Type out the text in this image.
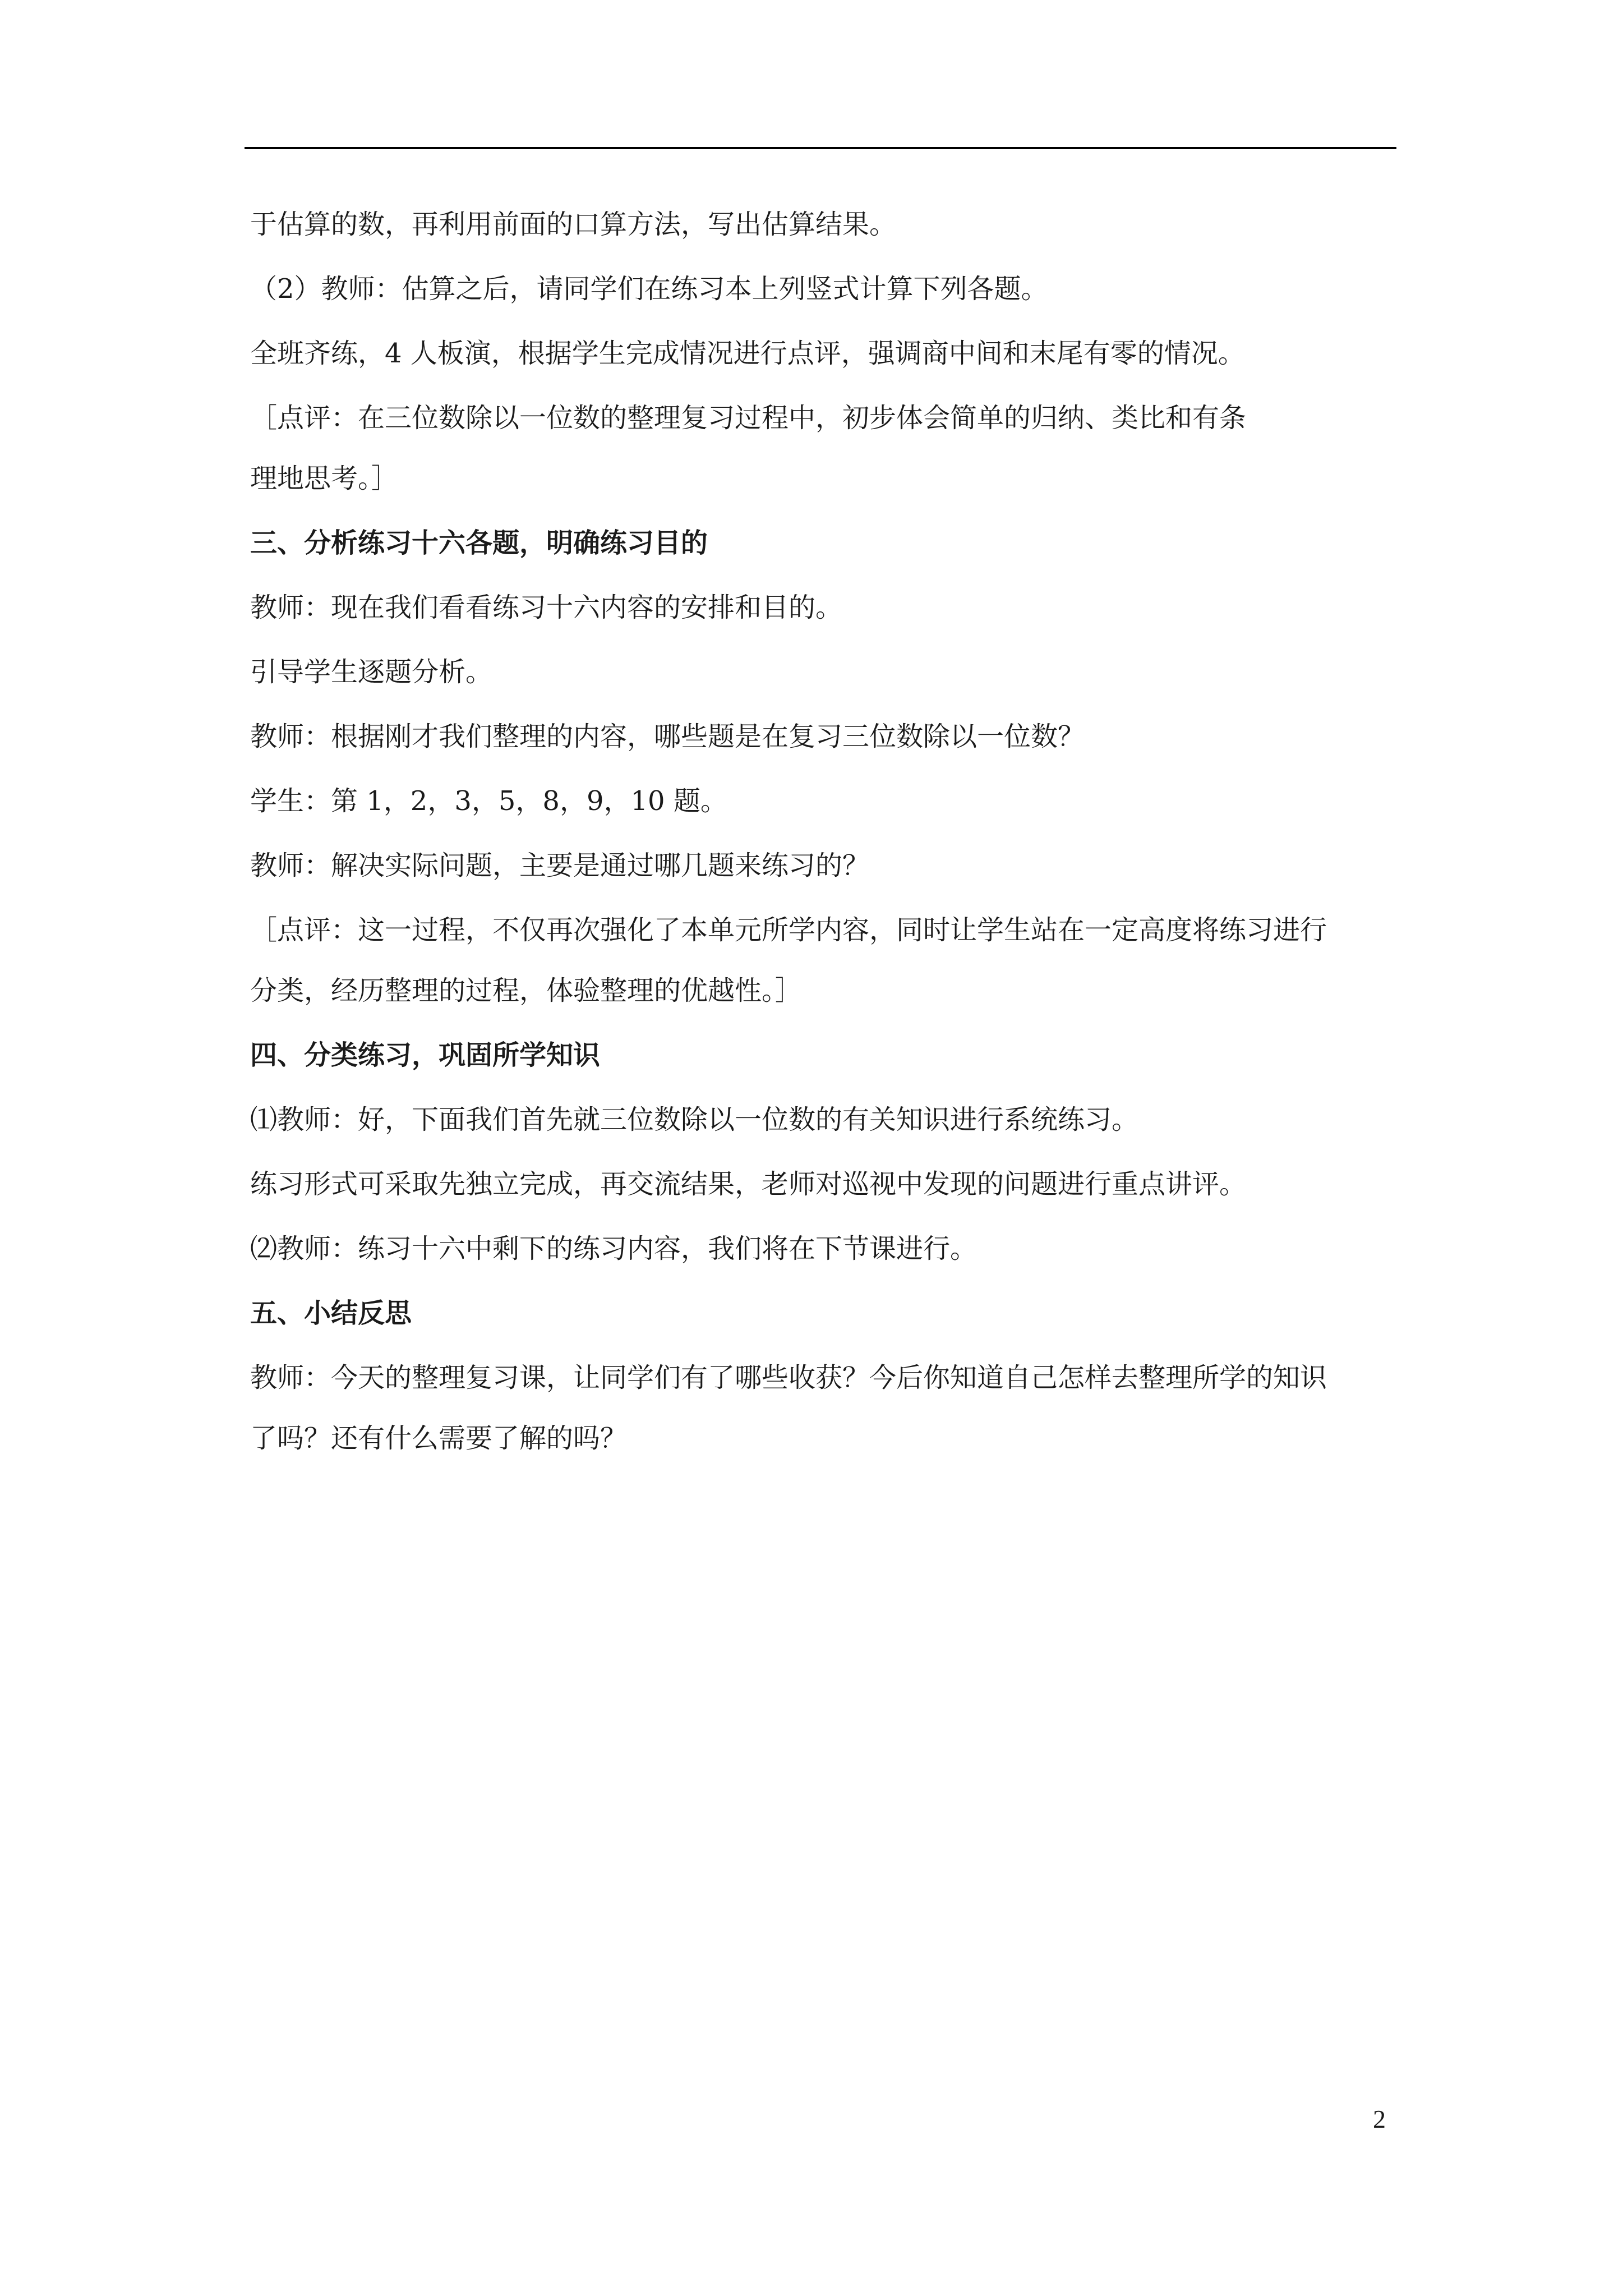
于估算的数，再利用前面的口算方法，写出估算结果。
（2）教师：估算之后，请同学们在练习本上列竖式计算下列各题。
全班齐练，4 人板演，根据学生完成情况进行点评，强调商中间和末尾有零的情况。
［点评：在三位数除以一位数的整理复习过程中，初步体会简单的归纳、类比和有条
理地思考。］
三、分析练习十六各题，明确练习目的
教师：现在我们看看练习十六内容的安排和目的。
引导学生逐题分析。
教师：根据刚才我们整理的内容，哪些题是在复习三位数除以一位数？
学生：第 1，2，3，5，8，9，10 题。
教师：解决实际问题，主要是通过哪几题来练习的？
［点评：这一过程，不仅再次强化了本单元所学内容，同时让学生站在一定高度将练习进行
分类，经历整理的过程，体验整理的优越性。］
四、分类练习，巩固所学知识
⑴教师：好，下面我们首先就三位数除以一位数的有关知识进行系统练习。
练习形式可采取先独立完成，再交流结果，老师对巡视中发现的问题进行重点讲评。
⑵教师：练习十六中剩下的练习内容，我们将在下节课进行。
五、小结反思
教师：今天的整理复习课，让同学们有了哪些收获？今后你知道自己怎样去整理所学的知识
了吗？还有什么需要了解的吗？
2
